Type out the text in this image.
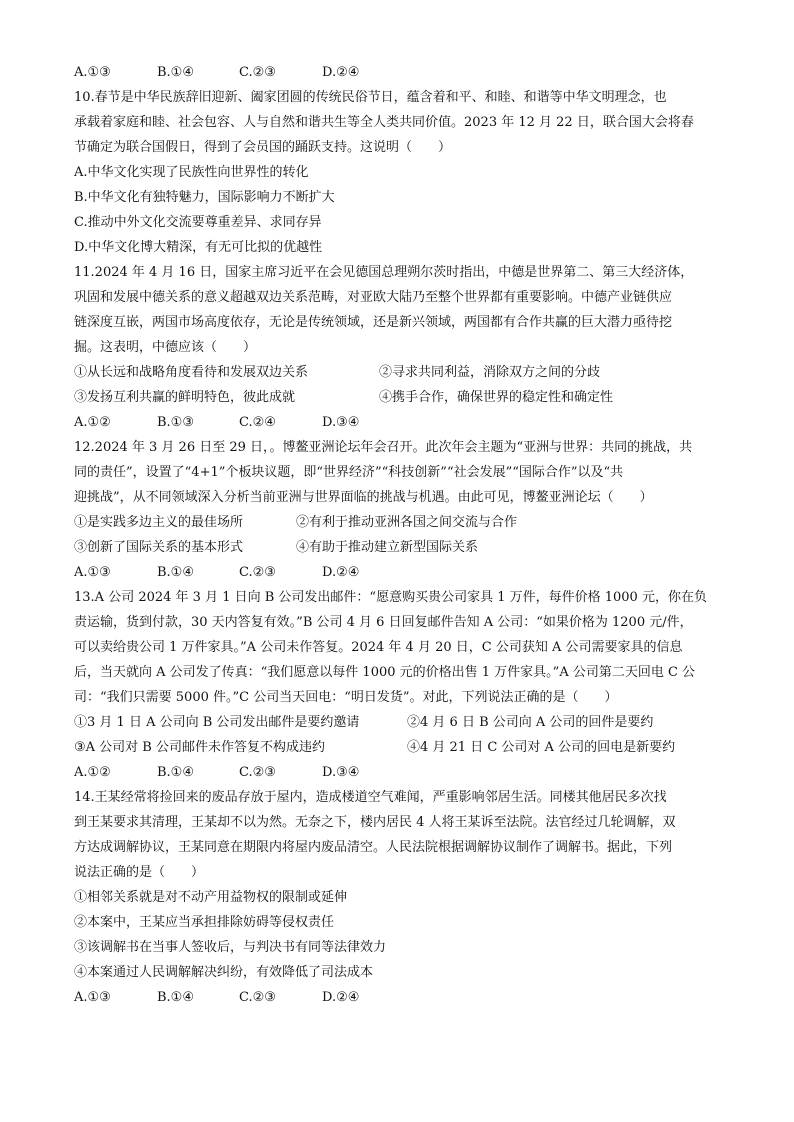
A.①③	B.①④	C.②③	D.②④
10.春节是中华民族辞旧迎新、阖家团圆的传统民俗节日，蕴含着和平、和睦、和谐等中华文明理念，也
承载着家庭和睦、社会包容、人与自然和谐共生等全人类共同价值。2023 年 12 月 22 日，联合国大会将春
节确定为联合国假日，得到了会员国的踊跃支持。这说明（　　）
A.中华文化实现了民族性向世界性的转化
B.中华文化有独特魅力，国际影响力不断扩大
C.推动中外文化交流要尊重差异、求同存异
D.中华文化博大精深，有无可比拟的优越性
11.2024 年 4 月 16 日，国家主席习近平在会见德国总理朔尔茨时指出，中德是世界第二、第三大经济体，
巩固和发展中德关系的意义超越双边关系范畴，对亚欧大陆乃至整个世界都有重要影响。中德产业链供应
链深度互嵌，两国市场高度依存，无论是传统领域，还是新兴领域，两国都有合作共赢的巨大潜力亟待挖
掘。这表明，中德应该（　　）
①从长远和战略角度看待和发展双边关系	②寻求共同利益，消除双方之间的分歧
③发扬互利共赢的鲜明特色，彼此成就	④携手合作，确保世界的稳定性和确定性
A.①②	B.①③	C.②④	D.③④
12.2024 年 3 月 26 日至 29 日，。博鳌亚洲论坛年会召开。此次年会主题为“亚洲与世界：共同的挑战，共
同的责任”，设置了“4+1”个板块议题，即“世界经济”“科技创新”“社会发展”“国际合作”以及“共
迎挑战”，从不同领域深入分析当前亚洲与世界面临的挑战与机遇。由此可见，博鳌亚洲论坛（　　）
①是实践多边主义的最佳场所	②有利于推动亚洲各国之间交流与合作
③创新了国际关系的基本形式	④有助于推动建立新型国际关系
A.①③	B.①④	C.②③	D.②④
13.A 公司 2024 年 3 月 1 日向 B 公司发出邮件：“愿意购买贵公司家具 1 万件，每件价格 1000 元，你在负
责运输，货到付款，30 天内答复有效。”B 公司 4 月 6 日回复邮件告知 A 公司：“如果价格为 1200 元/件，
可以卖给贵公司 1 万件家具。”A 公司未作答复。2024 年 4 月 20 日，C 公司获知 A 公司需要家具的信息
后，当天就向 A 公司发了传真：“我们愿意以每件 1000 元的价格出售 1 万件家具。”A 公司第二天回电 C 公
司：“我们只需要 5000 件。”C 公司当天回电：“明日发货”。对此，下列说法正确的是（　　）
①3 月 1 日 A 公司向 B 公司发出邮件是要约邀请	②4 月 6 日 B 公司向 A 公司的回件是要约
③A 公司对 B 公司邮件未作答复不构成违约	④4 月 21 日 C 公司对 A 公司的回电是新要约
A.①②	B.①④	C.②③	D.③④
14.王某经常将捡回来的废品存放于屋内，造成楼道空气难闻，严重影响邻居生活。同楼其他居民多次找
到王某要求其清理，王某却不以为然。无奈之下，楼内居民 4 人将王某诉至法院。法官经过几轮调解，双
方达成调解协议，王某同意在期限内将屋内废品清空。人民法院根据调解协议制作了调解书。据此，下列
说法正确的是（　　）
①相邻关系就是对不动产用益物权的限制或延伸
②本案中，王某应当承担排除妨碍等侵权责任
③该调解书在当事人签收后，与判决书有同等法律效力
④本案通过人民调解解决纠纷，有效降低了司法成本
A.①③	B.①④	C.②③	D.②④
